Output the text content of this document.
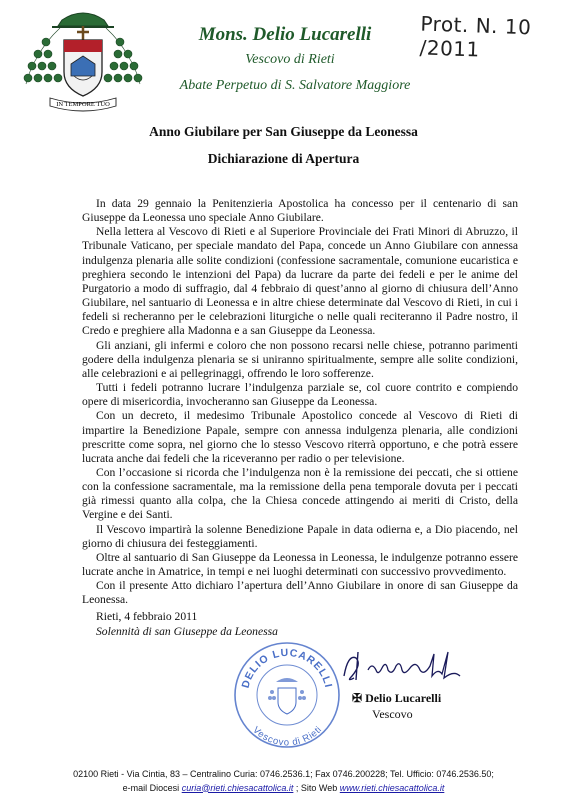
IN TEMPORE TUO
Mons. Delio Lucarelli
Vescovo di Rieti
Abate Perpetuo di S. Salvatore Maggiore
Prot. N. 10 /2011
Anno Giubilare per San Giuseppe da Leonessa
Dichiarazione di Apertura

In data 29 gennaio la Penitenzieria Apostolica ha concesso per il centenario di san Giuseppe da Leonessa uno speciale Anno Giubilare.

Nella lettera al Vescovo di Rieti e al Superiore Provinciale dei Frati Minori di Abruzzo, il Tribunale Vaticano, per speciale mandato del Papa, concede un Anno Giubilare con annessa indulgenza plenaria alle solite condizioni (confessione sacramentale, comunione eucaristica e preghiera secondo le intenzioni del Papa) da lucrare da parte dei fedeli e per le anime del Purgatorio a modo di suffragio, dal 4 febbraio di quest’anno al giorno di chiusura dell’Anno Giubilare, nel santuario di Leonessa e in altre chiese determinate dal Vescovo di Rieti, in cui i fedeli si recheranno per le celebrazioni liturgiche o nelle quali reciteranno il Padre nostro, il Credo e preghiere alla Madonna e a san Giuseppe da Leonessa.

Gli anziani, gli infermi e coloro che non possono recarsi nelle chiese, potranno parimenti godere della indulgenza plenaria se si uniranno spiritualmente, sempre alle solite condizioni, alle celebrazioni e ai pellegrinaggi, offrendo le loro sofferenze.

Tutti i fedeli potranno lucrare l’indulgenza parziale se, col cuore contrito e compiendo opere di misericordia, invocheranno san Giuseppe da Leonessa.

Con un decreto, il medesimo Tribunale Apostolico concede al Vescovo di Rieti di impartire la Benedizione Papale, sempre con annessa indulgenza plenaria, alle condizioni prescritte come sopra, nel giorno che lo stesso Vescovo riterrà opportuno, e che potrà essere lucrata anche dai fedeli che la riceveranno per radio o per televisione.

Con l’occasione si ricorda che l’indulgenza non è la remissione dei peccati, che si ottiene con la confessione sacramentale, ma la remissione della pena temporale dovuta per i peccati già rimessi quanto alla colpa, che la Chiesa concede attingendo ai meriti di Cristo, della Vergine e dei Santi.

Il Vescovo impartirà la solenne Benedizione Papale in data odierna e, a Dio piacendo, nel giorno di chiusura dei festeggiamenti.

Oltre al santuario di San Giuseppe da Leonessa in Leonessa, le indulgenze potranno essere lucrate anche in Amatrice, in tempi e nei luoghi determinati con successivo provvedimento.

Con il presente Atto dichiaro l’apertura dell’Anno Giubilare in onore di san Giuseppe da Leonessa.

Rieti, 4 febbraio 2011
Solennità di san Giuseppe da Leonessa
DELIO LUCARELLI
Vescovo di Rieti
✠ Delio Lucarelli
Vescovo
02100 Rieti - Via Cintia, 83 – Centralino Curia: 0746.2536.1; Fax 0746.200228; Tel. Ufficio: 0746.2536.50;
e-mail Diocesi curia@rieti.chiesacattolica.it ; Sito Web www.rieti.chiesacattolica.it
